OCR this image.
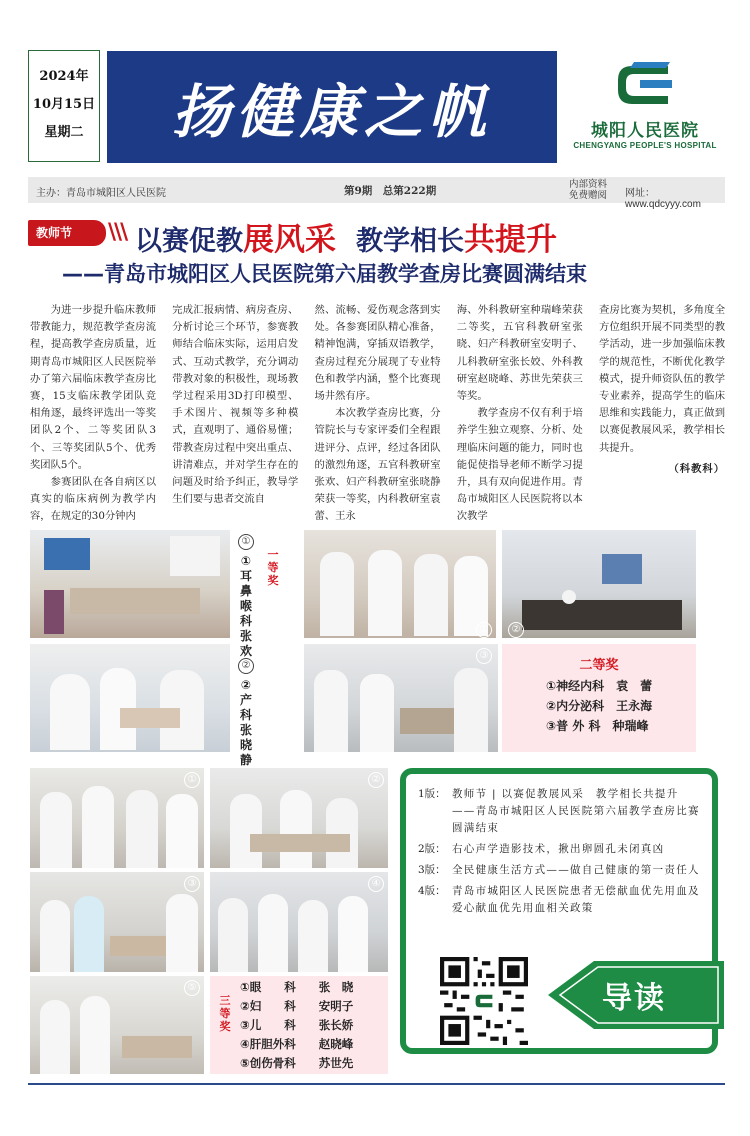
2024年
10月15日
星期二 扬健康之帆	城阳人民医院
CHENGYANG PEOPLE'S HOSPITAL
主办：青岛市城阳区人民医院	第9期　总第222期
内部资料
免费赠阅 网址：www.qdcyyy.com
教师节	\\\ 以赛促教展风采 教学相长共提升
——青岛市城阳区人民医院第六届教学查房比赛圆满结束

为进一步提升临床教师带教能力，规范教学查房流程，提高教学查房质量，近期青岛市城阳区人民医院举办了第六届临床教学查房比赛，15支临床教学团队竞相角逐，最终评选出一等奖团队2个、二等奖团队3个、三等奖团队5个、优秀奖团队5个。

参赛团队在各自病区以真实的临床病例为教学内容，在规定的30分钟内

完成汇报病情、病房查房、分析讨论三个环节，参赛教师结合临床实际，运用启发式、互动式教学，充分调动带教对象的积极性，现场教学过程采用3D打印模型、手术图片、视频等多种模式，直观明了、通俗易懂；带教查房过程中突出重点、讲清难点，并对学生存在的问题及时给予纠正，教导学生们要与患者交流自

然、流畅、爱伤观念落到实处。各参赛团队精心准备，精神饱满，穿插双语教学，查房过程充分展现了专业特色和教学内涵，整个比赛现场井然有序。

本次教学查房比赛，分管院长与专家评委们全程跟进评分、点评，经过各团队的激烈角逐，五官科教研室张欢、妇产科教研室张晓静荣获一等奖，内科教研室袁蕾、王永

海、外科教研室种瑞峰荣获二等奖，五官科教研室张晓、妇产科教研室安明子、儿科教研室张长姣、外科教研室赵晓峰、苏世先荣获三等奖。

教学查房不仅有利于培养学生独立观察、分析、处理临床问题的能力，同时也能促使指导老师不断学习提升，具有双向促进作用。青岛市城阳区人民医院将以本次教学

查房比赛为契机，多角度全方位组织开展不同类型的教学活动，进一步加强临床教学的规范性，不断优化教学模式，提升师资队伍的教学专业素养，提高学生的临床思维和实践能力，真正做到以赛促教展风采，教学相长共提升。

（科教科）
①
①耳鼻喉科　张欢
②
②产科　张晓静
一等奖
①	②
③
二等奖
①神经内科　袁　蕾
②内分泌科　王永海
③普 外 科　种瑞峰
①	②
③	④
⑤
三等奖
①眼　　科　　张　晓
②妇　　科　　安明子
③儿　　科　　张长娇
④肝胆外科　　赵晓峰
⑤创伤骨科　　苏世先
1版： 教师节 | 以赛促教展风采　教学相长共提升——青岛市城阳区人民医院第六届教学查房比赛圆满结束
2版： 右心声学造影技术，揪出卵圆孔未闭真凶
3版： 全民健康生活方式——做自己健康的第一责任人
4版： 青岛市城阳区人民医院患者无偿献血优先用血及爱心献血优先用血相关政策
导读
